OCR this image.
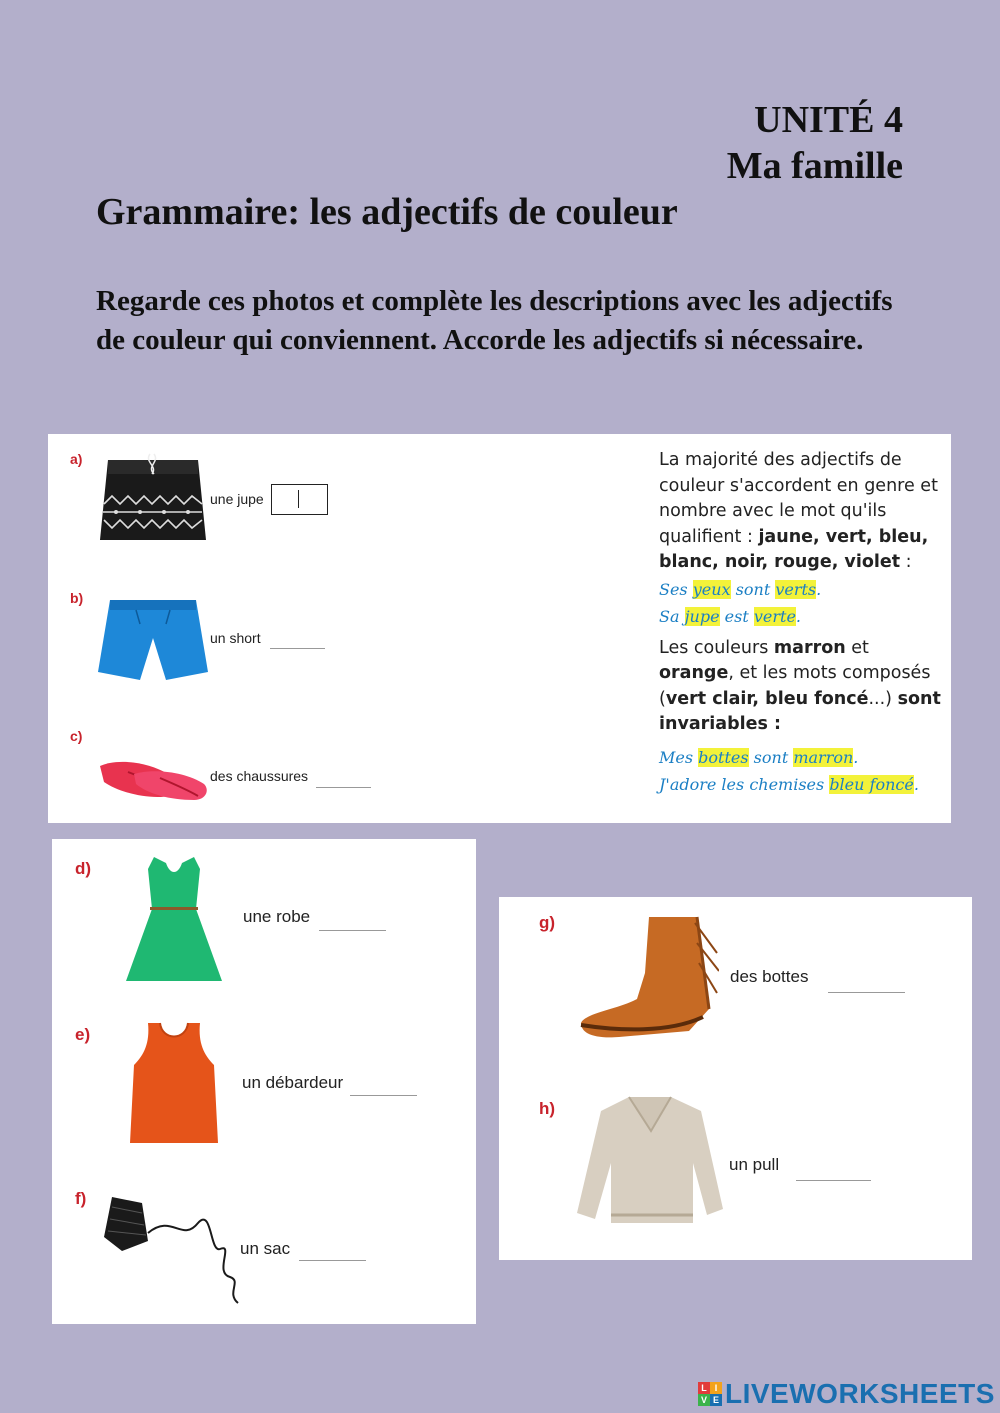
UNITÉ 4
Ma famille
Grammaire: les adjectifs de couleur
Regarde ces photos et complète les descriptions avec les adjectifs de couleur qui conviennent. Accorde les adjectifs si nécessaire.
a)
une jupe
b)
un short
c)
des chaussures

La majorité des adjectifs de couleur s'accordent en genre et nombre avec le mot qu'ils qualifient : jaune, vert, bleu, blanc, noir, rouge, violet :

Ses yeux sont verts.

Sa jupe est verte.

Les couleurs marron et orange, et les mots composés (vert clair, bleu foncé...) sont invariables :

Mes bottes sont marron.

J'adore les chemises bleu foncé.

d)
une robe
e)
un débardeur
f)
un sac
g)
des bottes
h)
un pull
L I
V E LIVEWORKSHEETS
